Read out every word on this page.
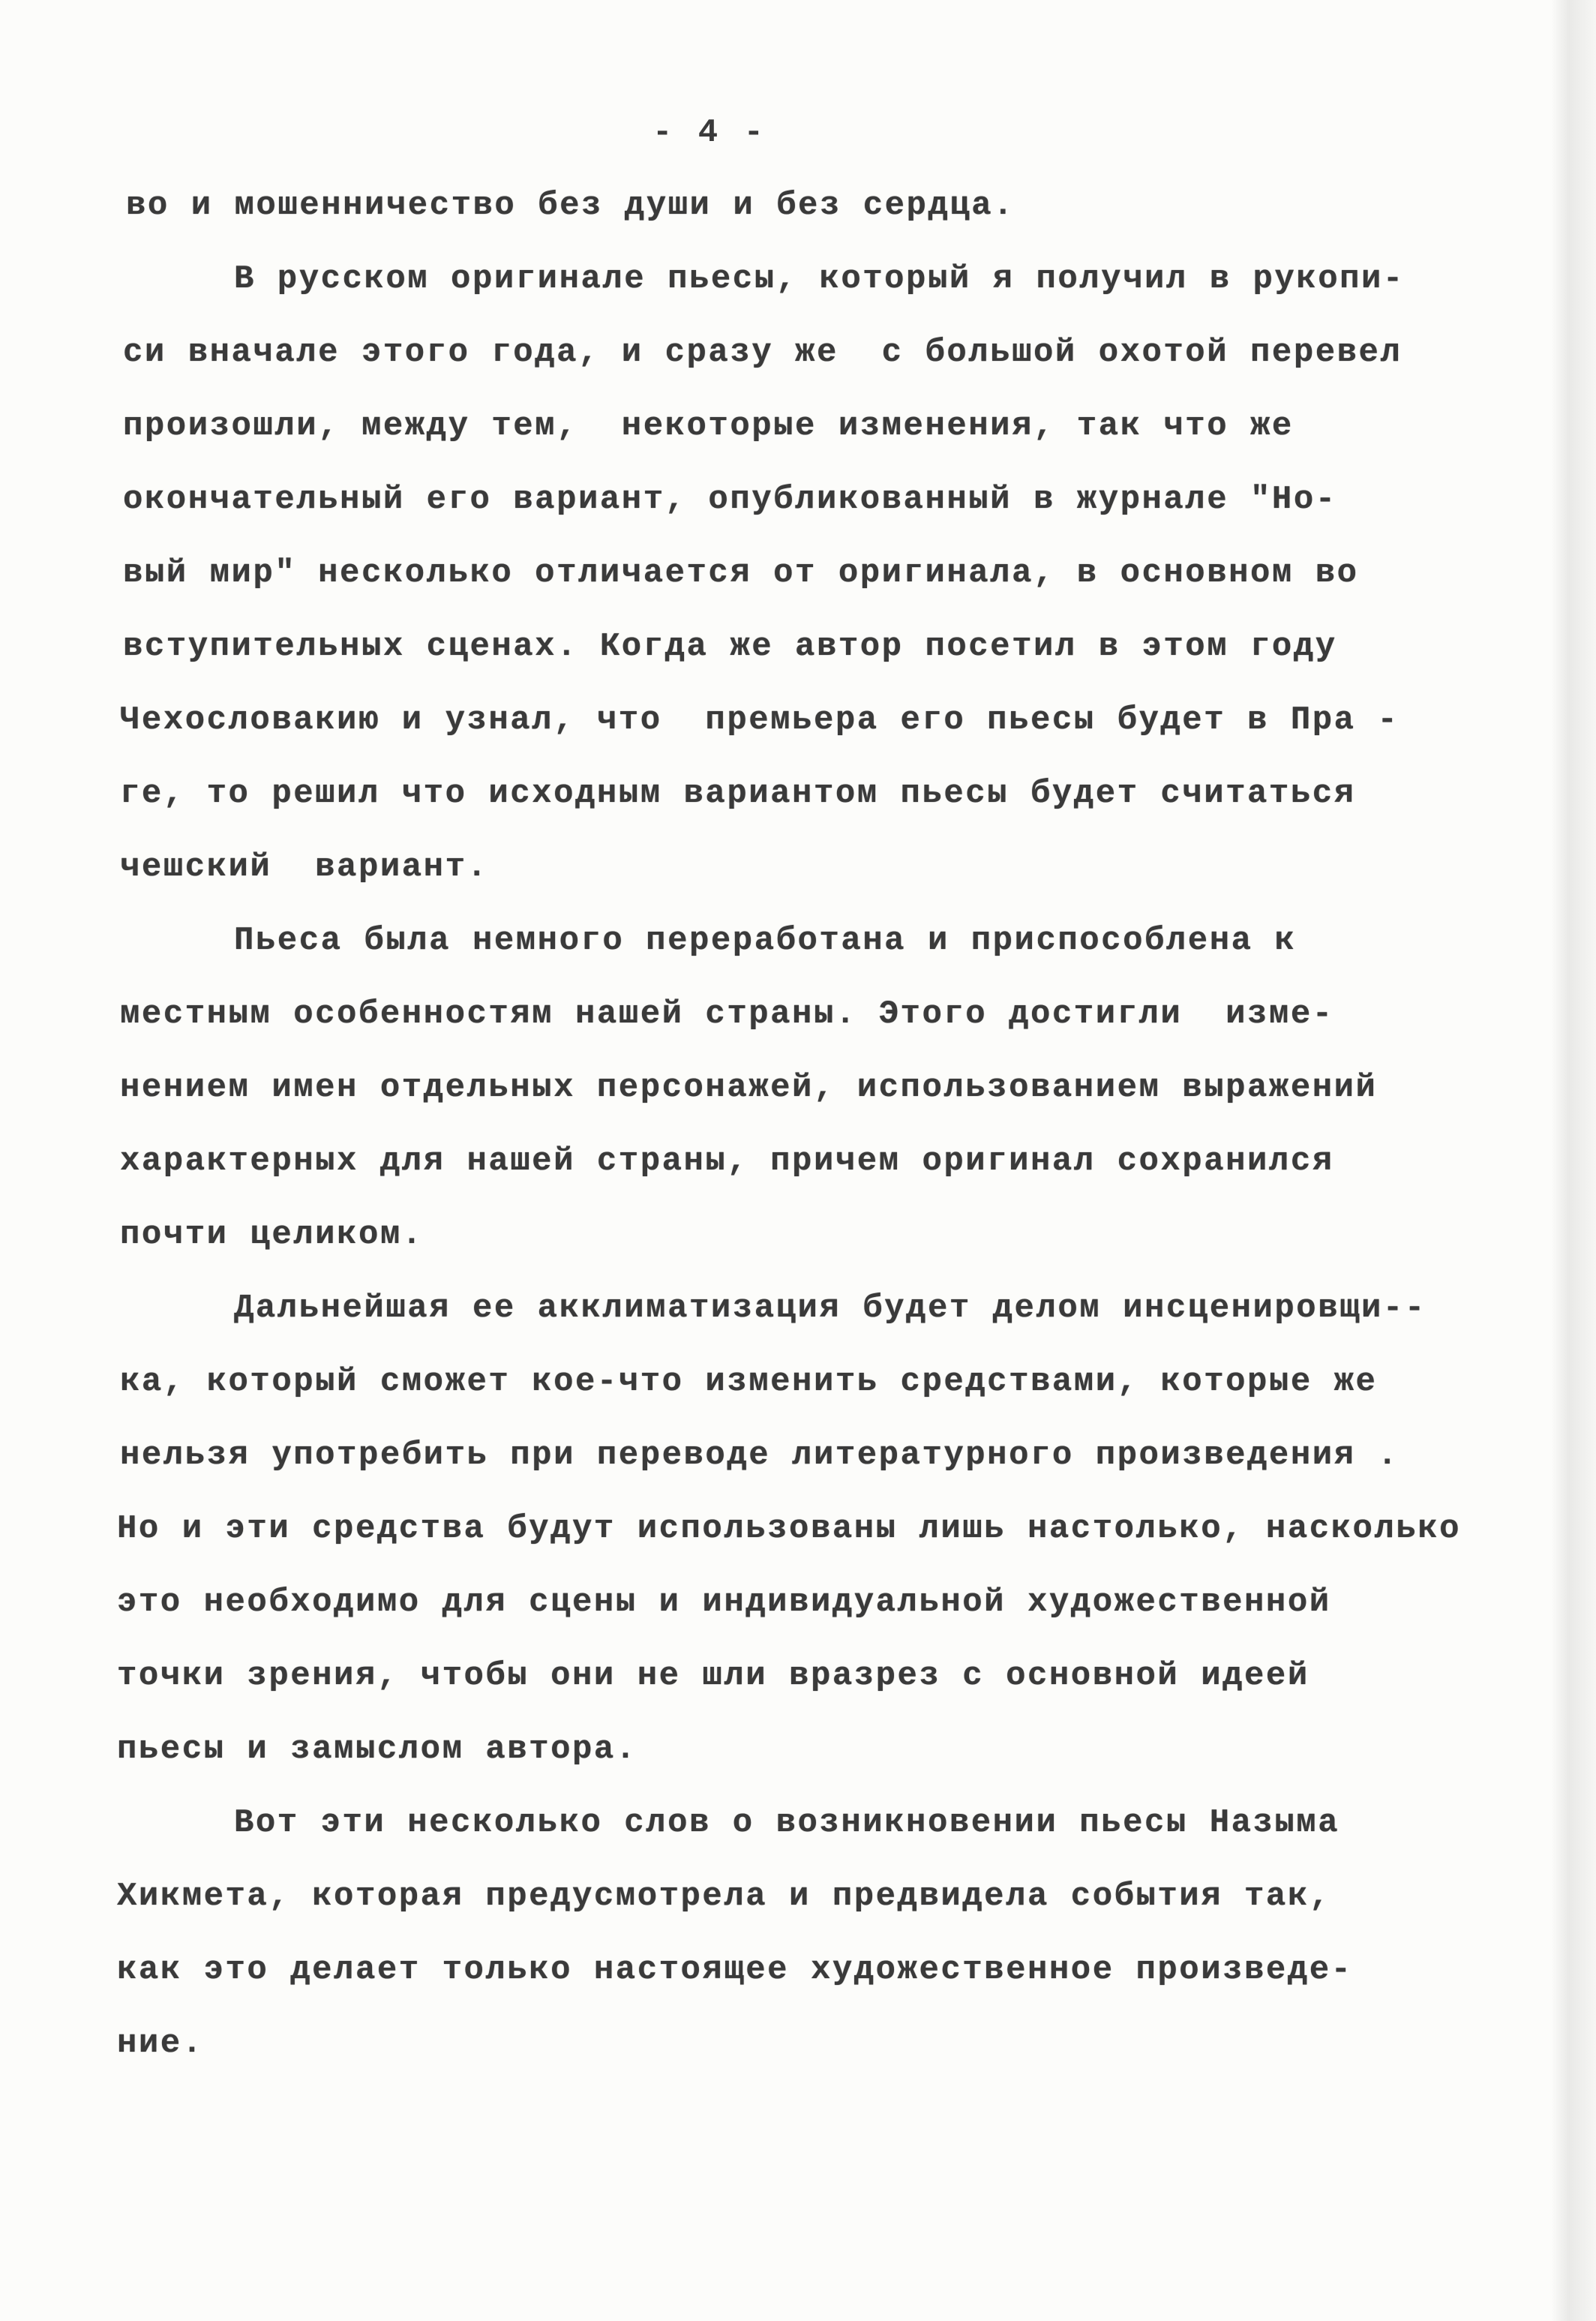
- 4 -
во и мошенничество без души и без сердца.
В русском оригинале пьесы, который я получил в рукопи-
си вначале этого года, и сразу же  с большой охотой перевел
произошли, между тем,  некоторые изменения, так что же
окончательный его вариант, опубликованный в журнале "Но-
вый мир" несколько отличается от оригинала, в основном во
вступительных сценах. Когда же автор посетил в этом году
Чехословакию и узнал, что  премьера его пьесы будет в Пра -
ге, то решил что исходным вариантом пьесы будет считаться
чешский  вариант.
Пьеса была немного переработана и приспособлена к
местным особенностям нашей страны. Этого достигли  изме-
нением имен отдельных персонажей, использованием выражений
характерных для нашей страны, причем оригинал сохранился
почти целиком.
Дальнейшая ее акклиматизация будет делом инсценировщи--
ка, который сможет кое-что изменить средствами, которые же
нельзя употребить при переводе литературного произведения .
Но и эти средства будут использованы лишь настолько, насколько
это необходимо для сцены и индивидуальной художественной
точки зрения, чтобы они не шли вразрез с основной идеей
пьесы и замыслом автора.
Вот эти несколько слов о возникновении пьесы Назыма
Хикмета, которая предусмотрела и предвидела события так,
как это делает только настоящее художественное произведе-
ние.
